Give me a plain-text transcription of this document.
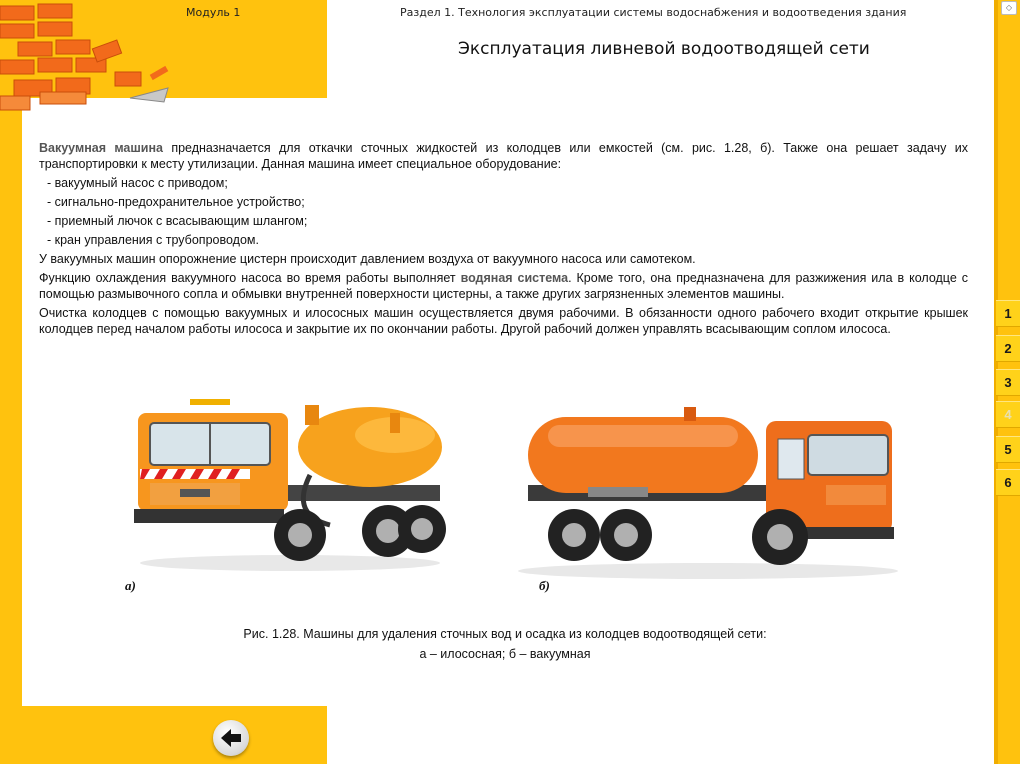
Модуль 1	Раздел 1. Технология эксплуатации системы водоснабжения и водоотведения здания
Эксплуатация ливневой водоотводящей сети
◇

Вакуумная машина предназначается для откачки сточных жидкостей из колодцев или емкостей (см. рис. 1.28, б). Также она решает задачу их транспортировки к месту утилизации. Данная машина имеет специальное оборудование:

- вакуумный насос с приводом;
- сигнально-предохранительное устройство;
- приемный лючок с всасывающим шлангом;
- кран управления с трубопроводом.

У вакуумных машин опорожнение цистерн происходит давлением воздуха от вакуумного насоса или самотеком.

Функцию охлаждения вакуумного насоса во время работы выполняет водяная система. Кроме того, она предназначена для разжижения ила в колодце с помощью размывочного сопла и обмывки внутренней поверхности цистерны, а также других загрязненных элементов машины.

Очистка колодцев с помощью вакуумных и илососных машин осуществляется двумя рабочими. В обязанности одного рабочего входит открытие крышек колодцев перед началом работы илососа и закрытие их по окончании работы. Другой рабочий должен управлять всасывающим соплом илососа.

а)	б)
Рис. 1.28. Машины для удаления сточных вод и осадка из колодцев водоотводящей сети:
а – илососная; б – вакуумная
1
2
3
4
5
6
